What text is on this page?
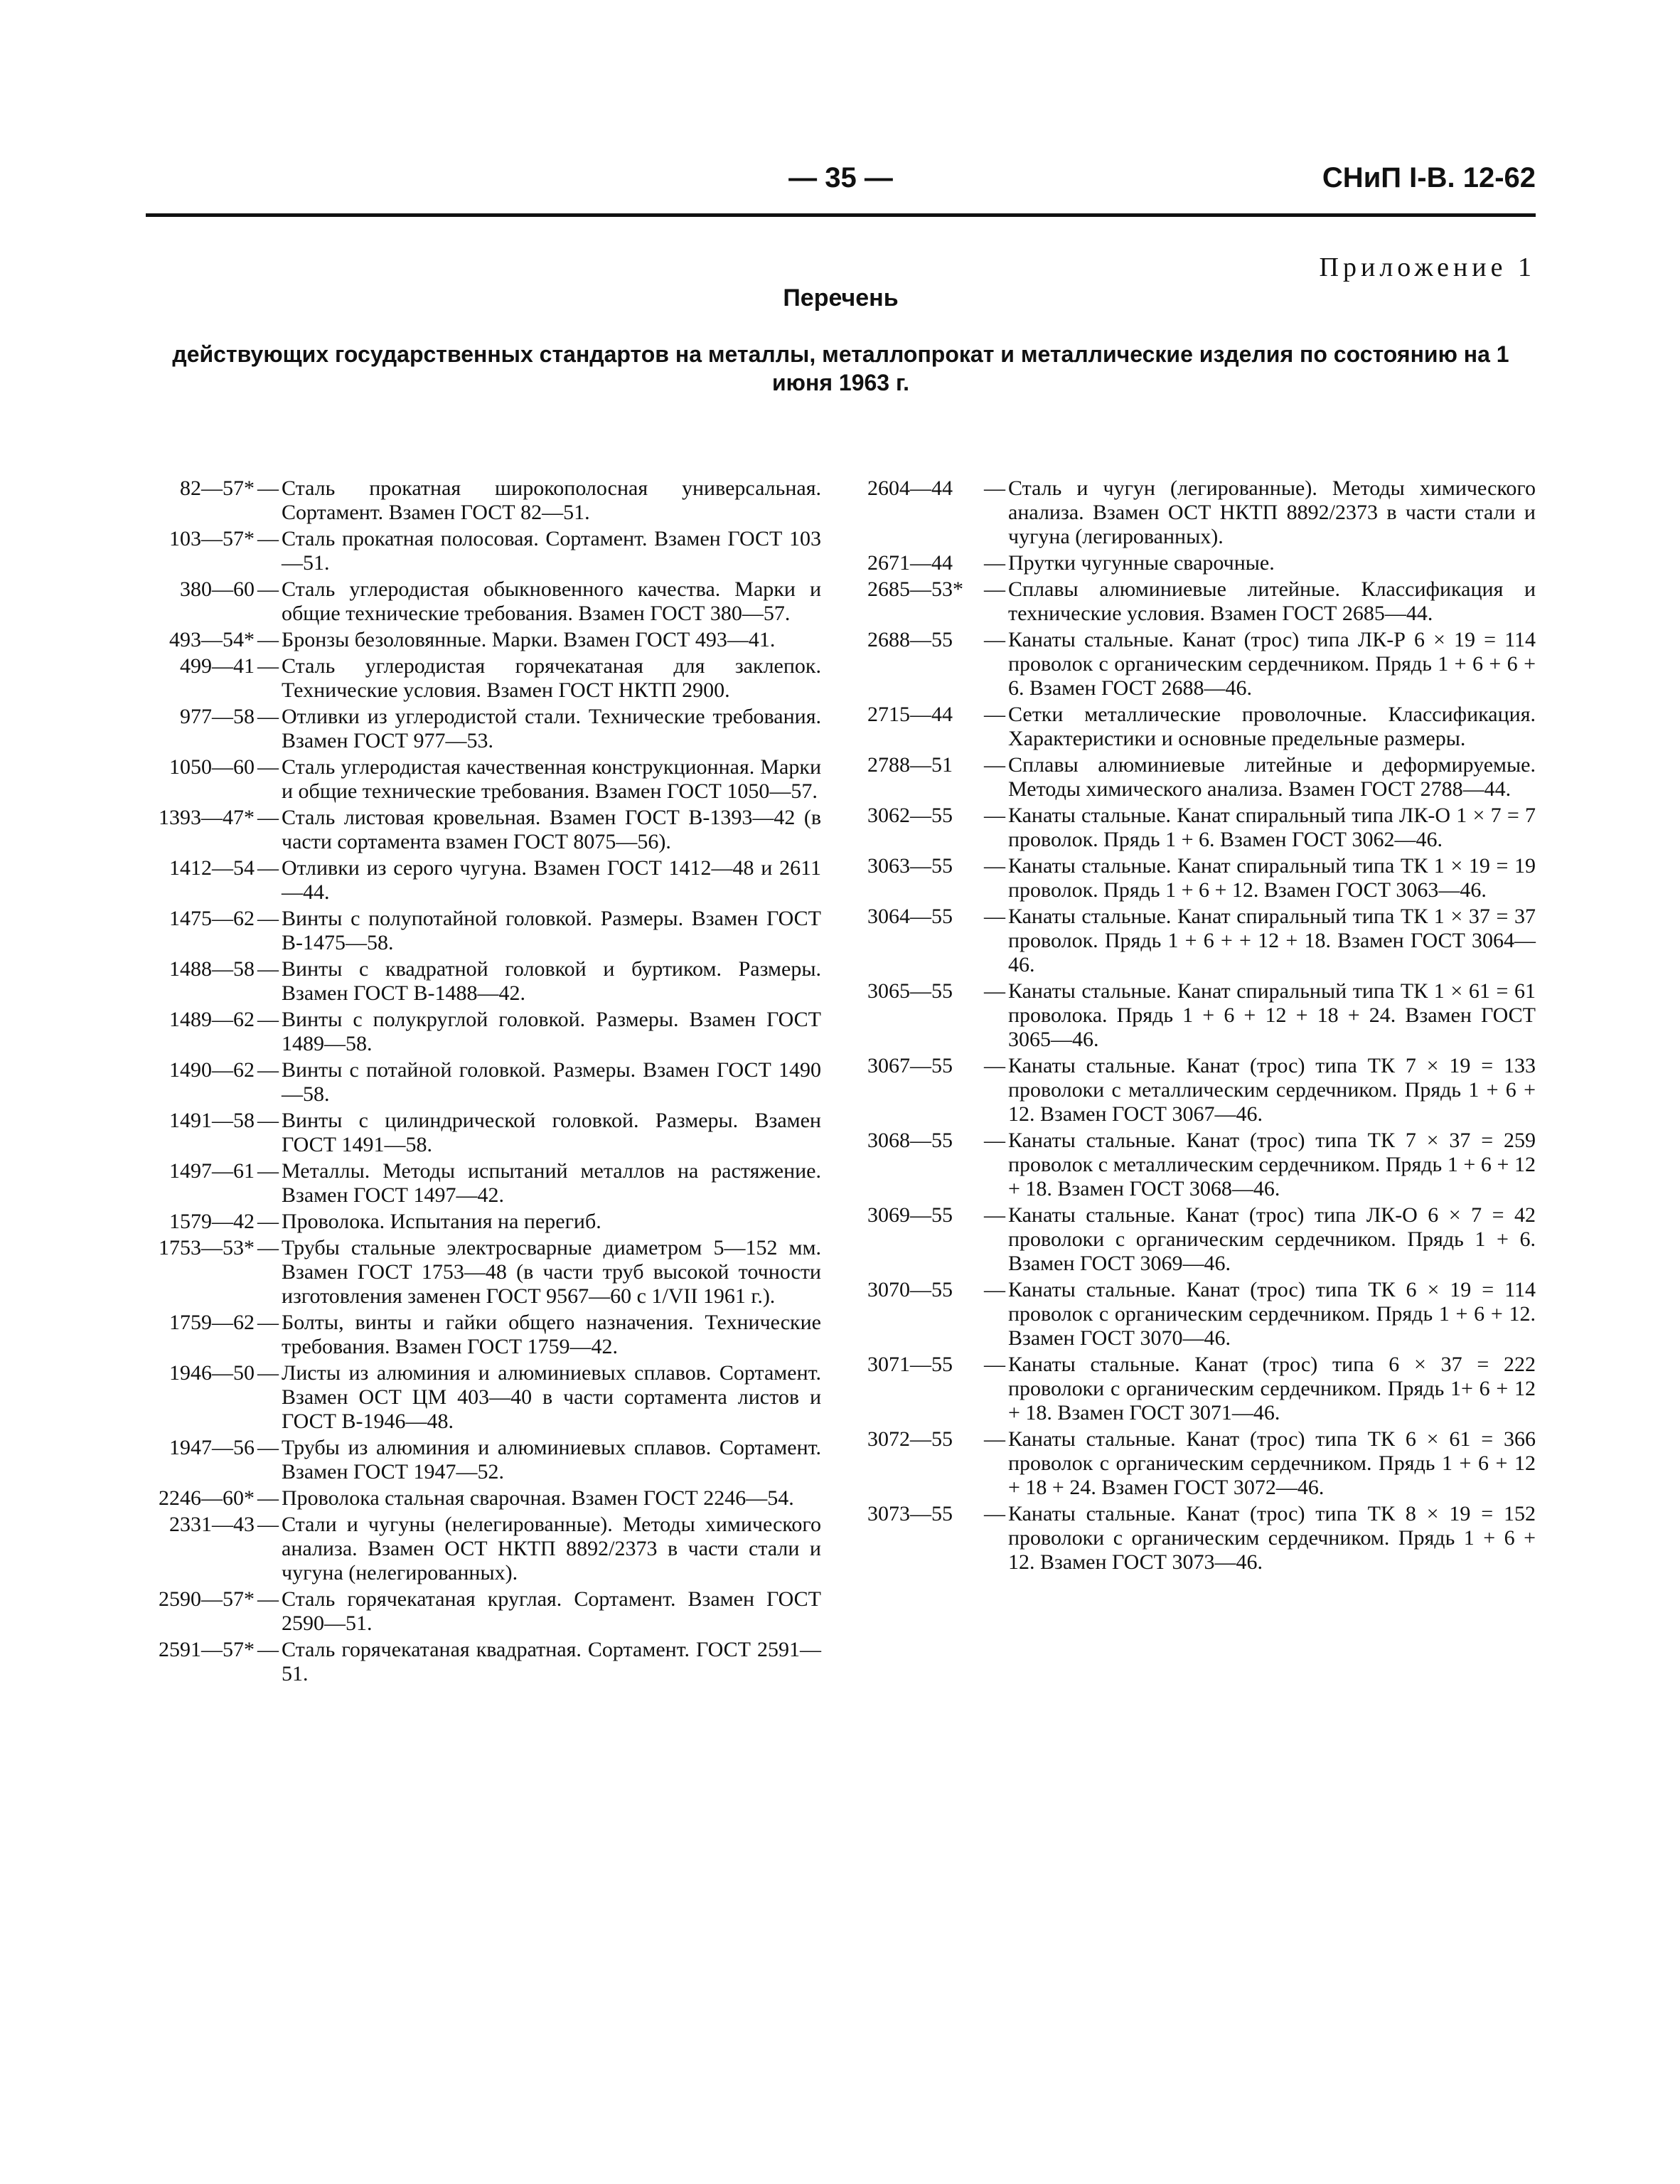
— 35 —	СНиП I-В. 12-62
Приложение 1
Перечень
действующих государственных стандартов на металлы, металлопрокат и металлические изделия по состоянию на 1 июня 1963 г.
82—57* — Сталь прокатная широкополосная универсальная. Сортамент. Взамен ГОСТ 82—51.
103—57* — Сталь прокатная полосовая. Сортамент. Взамен ГОСТ 103—51.
380—60 — Сталь углеродистая обыкновенного качества. Марки и общие технические требования. Взамен ГОСТ 380—57.
493—54* — Бронзы безоловянные. Марки. Взамен ГОСТ 493—41.
499—41 — Сталь углеродистая горячекатаная для заклепок. Технические условия. Взамен ГОСТ НКТП 2900.
977—58 — Отливки из углеродистой стали. Технические требования. Взамен ГОСТ 977—53.
1050—60 — Сталь углеродистая качественная конструкционная. Марки и общие технические требования. Взамен ГОСТ 1050—57.
1393—47* — Сталь листовая кровельная. Взамен ГОСТ В-1393—42 (в части сортамента взамен ГОСТ 8075—56).
1412—54 — Отливки из серого чугуна. Взамен ГОСТ 1412—48 и 2611—44.
1475—62 — Винты с полупотайной головкой. Размеры. Взамен ГОСТ В-1475—58.
1488—58 — Винты с квадратной головкой и буртиком. Размеры. Взамен ГОСТ В-1488—42.
1489—62 — Винты с полукруглой головкой. Размеры. Взамен ГОСТ 1489—58.
1490—62 — Винты с потайной головкой. Размеры. Взамен ГОСТ 1490—58.
1491—58 — Винты с цилиндрической головкой. Размеры. Взамен ГОСТ 1491—58.
1497—61 — Металлы. Методы испытаний металлов на растяжение. Взамен ГОСТ 1497—42.
1579—42 — Проволока. Испытания на перегиб.
1753—53* — Трубы стальные электросварные диаметром 5—152 мм. Взамен ГОСТ 1753—48 (в части труб высокой точности изготовления заменен ГОСТ 9567—60 с 1/VII 1961 г.).
1759—62 — Болты, винты и гайки общего назначения. Технические требования. Взамен ГОСТ 1759—42.
1946—50 — Листы из алюминия и алюминиевых сплавов. Сортамент. Взамен ОСТ ЦМ 403—40 в части сортамента листов и ГОСТ В-1946—48.
1947—56 — Трубы из алюминия и алюминиевых сплавов. Сортамент. Взамен ГОСТ 1947—52.
2246—60* — Проволока стальная сварочная. Взамен ГОСТ 2246—54.
2331—43 — Стали и чугуны (нелегированные). Методы химического анализа. Взамен ОСТ НКТП 8892/2373 в части стали и чугуна (нелегированных).
2590—57* — Сталь горячекатаная круглая. Сортамент. Взамен ГОСТ 2590—51.
2591—57* — Сталь горячекатаная квадратная. Сортамент. ГОСТ 2591—51.
2604—44	— Сталь и чугун (легированные). Методы химического анализа. Взамен ОСТ НКТП 8892/2373 в части стали и чугуна (легированных).
2671—44	— Прутки чугунные сварочные.
2685—53* — Сплавы алюминиевые литейные. Классификация и технические условия. Взамен ГОСТ 2685—44.
2688—55	— Канаты стальные. Канат (трос) типа ЛК-Р 6 × 19 = 114 проволок с органическим сердечником. Прядь 1 + 6 + 6 + 6. Взамен ГОСТ 2688—46.
2715—44	— Сетки металлические проволочные. Классификация. Характеристики и основные предельные размеры.
2788—51	— Сплавы алюминиевые литейные и деформируемые. Методы химического анализа. Взамен ГОСТ 2788—44.
3062—55	— Канаты стальные. Канат спиральный типа ЛК-О 1 × 7 = 7 проволок. Прядь 1 + 6. Взамен ГОСТ 3062—46.
3063—55	— Канаты стальные. Канат спиральный типа ТК 1 × 19 = 19 проволок. Прядь 1 + 6 + 12. Взамен ГОСТ 3063—46.
3064—55	— Канаты стальные. Канат спиральный типа ТК 1 × 37 = 37 проволок. Прядь 1 + 6 + + 12 + 18. Взамен ГОСТ 3064—46.
3065—55	— Канаты стальные. Канат спиральный типа ТК 1 × 61 = 61 проволока. Прядь 1 + 6 + 12 + 18 + 24. Взамен ГОСТ 3065—46.
3067—55	— Канаты стальные. Канат (трос) типа ТК 7 × 19 = 133 проволоки с металлическим сердечником. Прядь 1 + 6 + 12. Взамен ГОСТ 3067—46.
3068—55	— Канаты стальные. Канат (трос) типа ТК 7 × 37 = 259 проволок с металлическим сердечником. Прядь 1 + 6 + 12 + 18. Взамен ГОСТ 3068—46.
3069—55	— Канаты стальные. Канат (трос) типа ЛК-О 6 × 7 = 42 проволоки с органическим сердечником. Прядь 1 + 6. Взамен ГОСТ 3069—46.
3070—55	— Канаты стальные. Канат (трос) типа ТК 6 × 19 = 114 проволок с органическим сердечником. Прядь 1 + 6 + 12. Взамен ГОСТ 3070—46.
3071—55	— Канаты стальные. Канат (трос) типа 6 × 37 = 222 проволоки с органическим сердечником. Прядь 1+ 6 + 12 + 18. Взамен ГОСТ 3071—46.
3072—55	— Канаты стальные. Канат (трос) типа ТК 6 × 61 = 366 проволок с органическим сердечником. Прядь 1 + 6 + 12 + 18 + 24. Взамен ГОСТ 3072—46.
3073—55	— Канаты стальные. Канат (трос) типа ТК 8 × 19 = 152 проволоки с органическим сердечником. Прядь 1 + 6 + 12. Взамен ГОСТ 3073—46.
